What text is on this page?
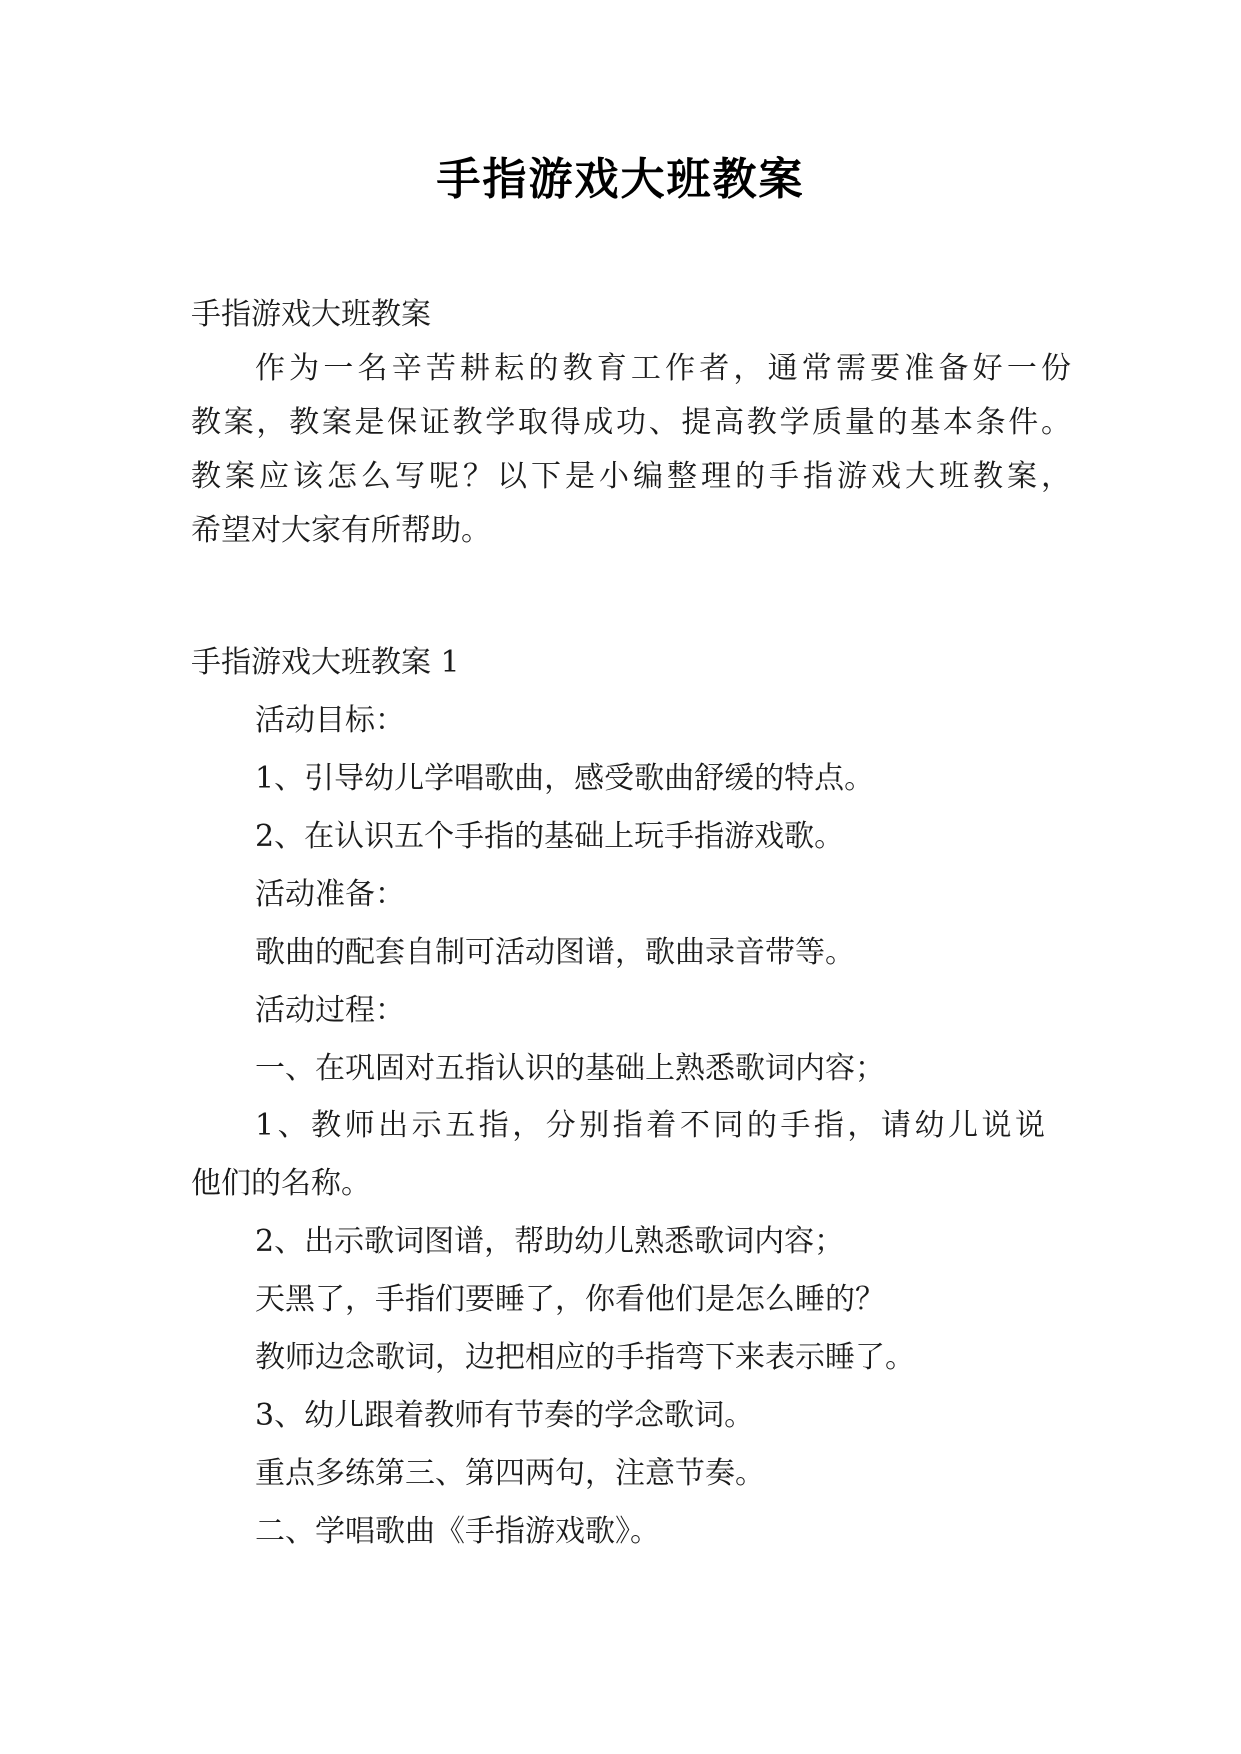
手指游戏大班教案
手指游戏大班教案
作为一名辛苦耕耘的教育工作者，通常需要准备好一份
教案，教案是保证教学取得成功、提高教学质量的基本条件。
教案应该怎么写呢？以下是小编整理的手指游戏大班教案，
希望对大家有所帮助。
手指游戏大班教案 1
活动目标：
1、引导幼儿学唱歌曲，感受歌曲舒缓的特点。
2、在认识五个手指的基础上玩手指游戏歌。
活动准备：
歌曲的配套自制可活动图谱，歌曲录音带等。
活动过程：
一、在巩固对五指认识的基础上熟悉歌词内容；
1、教师出示五指，分别指着不同的手指，请幼儿说说
他们的名称。
2、出示歌词图谱，帮助幼儿熟悉歌词内容；
天黑了，手指们要睡了，你看他们是怎么睡的？
教师边念歌词，边把相应的手指弯下来表示睡了。
3、幼儿跟着教师有节奏的学念歌词。
重点多练第三、第四两句，注意节奏。
二、学唱歌曲《手指游戏歌》。
